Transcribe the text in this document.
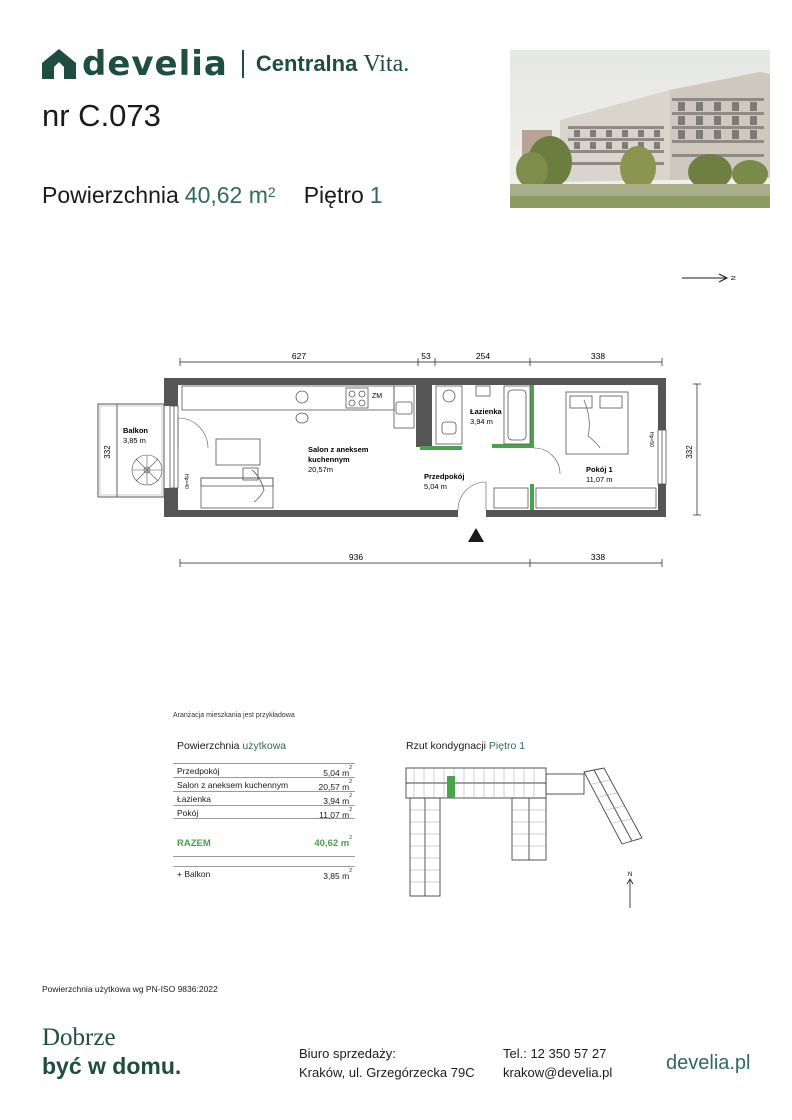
develia Centralna Vita.
nr C.073
Powierzchnia 40,62 $m^2$ Piętro 1
N
627	53	254	338
936	338
332	332
ZM
Hp=40
Hp=50
Balkon
3,85 m
Salon z aneksem
kuchennym
20,57m
Łazienka
3,94 m
Przedpokój
5,04 m
Pokój 1
11,07 m
Aranżacja mieszkania jest przykładowa
Powierzchnia użytkowa
Przedpokój	5,04 $m^2$
Salon z aneksem kuchennym	20,57 $m^2$
Łazienka	3,94 $m^2$
Pokój	11,07 $m^2$
RAZEM	40,62 $m^2$
+ Balkon	3,85 $m^2$
Rzut kondygnacji Piętro 1
N
Powierzchnia użytkowa wg PN-ISO 9836:2022
Dobrze
być w domu.	Biuro sprzedaży:
Kraków, ul. Grzegórzecka 79C
Tel.: 12 350 57 27
krakow@develia.pl	develia.pl
